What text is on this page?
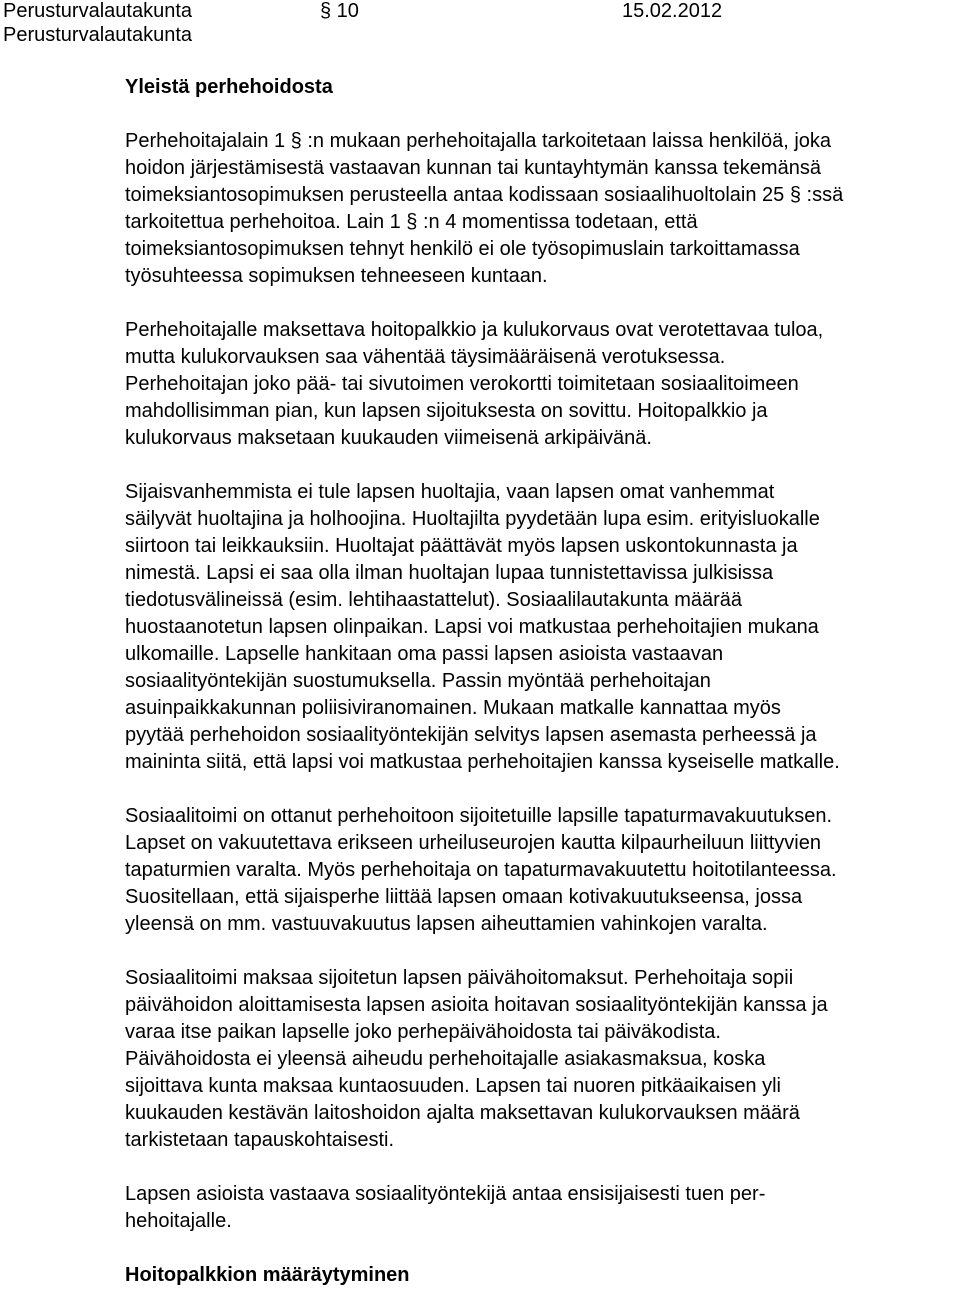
Perusturvalautakunta
Perusturvalautakunta
§ 10	15.02.2012
Yleistä perhehoidosta

Perhehoitajalain 1 § :n mukaan perhehoitajalla tarkoitetaan laissa henkilöä, joka
hoidon järjestämisestä vastaavan kunnan tai kuntayhtymän kanssa tekemänsä
toimeksiantosopimuksen perusteella antaa kodissaan sosiaalihuoltolain 25 § :ssä
tarkoitettua perhehoitoa. Lain 1 § :n 4 momentissa todetaan, että
toimeksiantosopimuksen tehnyt henkilö ei ole työsopimuslain tarkoittamassa
työsuhteessa sopimuksen tehneeseen kuntaan.

Perhehoitajalle maksettava hoitopalkkio ja kulukorvaus ovat verotettavaa tuloa,
mutta kulukorvauksen saa vähentää täysimääräisenä verotuksessa.
Perhehoitajan joko pää- tai sivutoimen verokortti toimitetaan sosiaalitoimeen
mahdollisimman pian, kun lapsen sijoituksesta on sovittu. Hoitopalkkio ja
kulukorvaus maksetaan kuukauden viimeisenä arkipäivänä.

Sijaisvanhemmista ei tule lapsen huoltajia, vaan lapsen omat vanhemmat
säilyvät huoltajina ja holhoojina. Huoltajilta pyydetään lupa esim. erityisluokalle
siirtoon tai leikkauksiin. Huoltajat päättävät myös lapsen uskontokunnasta ja
nimestä. Lapsi ei saa olla ilman huoltajan lupaa tunnistettavissa julkisissa
tiedotusvälineissä (esim. lehtihaastattelut). Sosiaalilautakunta määrää
huostaanotetun lapsen olinpaikan. Lapsi voi matkustaa perhehoitajien mukana
ulkomaille. Lapselle hankitaan oma passi lapsen asioista vastaavan
sosiaalityöntekijän suostumuksella. Passin myöntää perhehoitajan
asuinpaikkakunnan poliisiviranomainen. Mukaan matkalle kannattaa myös
pyytää perhehoidon sosiaalityöntekijän selvitys lapsen asemasta perheessä ja
maininta siitä, että lapsi voi matkustaa perhehoitajien kanssa kyseiselle matkalle.

Sosiaalitoimi on ottanut perhehoitoon sijoitetuille lapsille tapaturmavakuutuksen.
Lapset on vakuutettava erikseen urheiluseurojen kautta kilpaurheiluun liittyvien
tapaturmien varalta. Myös perhehoitaja on tapaturmavakuutettu hoitotilanteessa.
Suositellaan, että sijaisperhe liittää lapsen omaan kotivakuutukseensa, jossa
yleensä on mm. vastuuvakuutus lapsen aiheuttamien vahinkojen varalta.

Sosiaalitoimi maksaa sijoitetun lapsen päivähoitomaksut. Perhehoitaja sopii
päivähoidon aloittamisesta lapsen asioita hoitavan sosiaalityöntekijän kanssa ja
varaa itse paikan lapselle joko perhepäivähoidosta tai päiväkodista.
Päivähoidosta ei yleensä aiheudu perhehoitajalle asiakasmaksua, koska
sijoittava kunta maksaa kuntaosuuden. Lapsen tai nuoren pitkäaikaisen yli
kuukauden kestävän laitoshoidon ajalta maksettavan kulukorvauksen määrä
tarkistetaan tapauskohtaisesti.

Lapsen asioista vastaava sosiaalityöntekijä antaa ensisijaisesti tuen per-
hehoitajalle.

Hoitopalkkion määräytyminen
